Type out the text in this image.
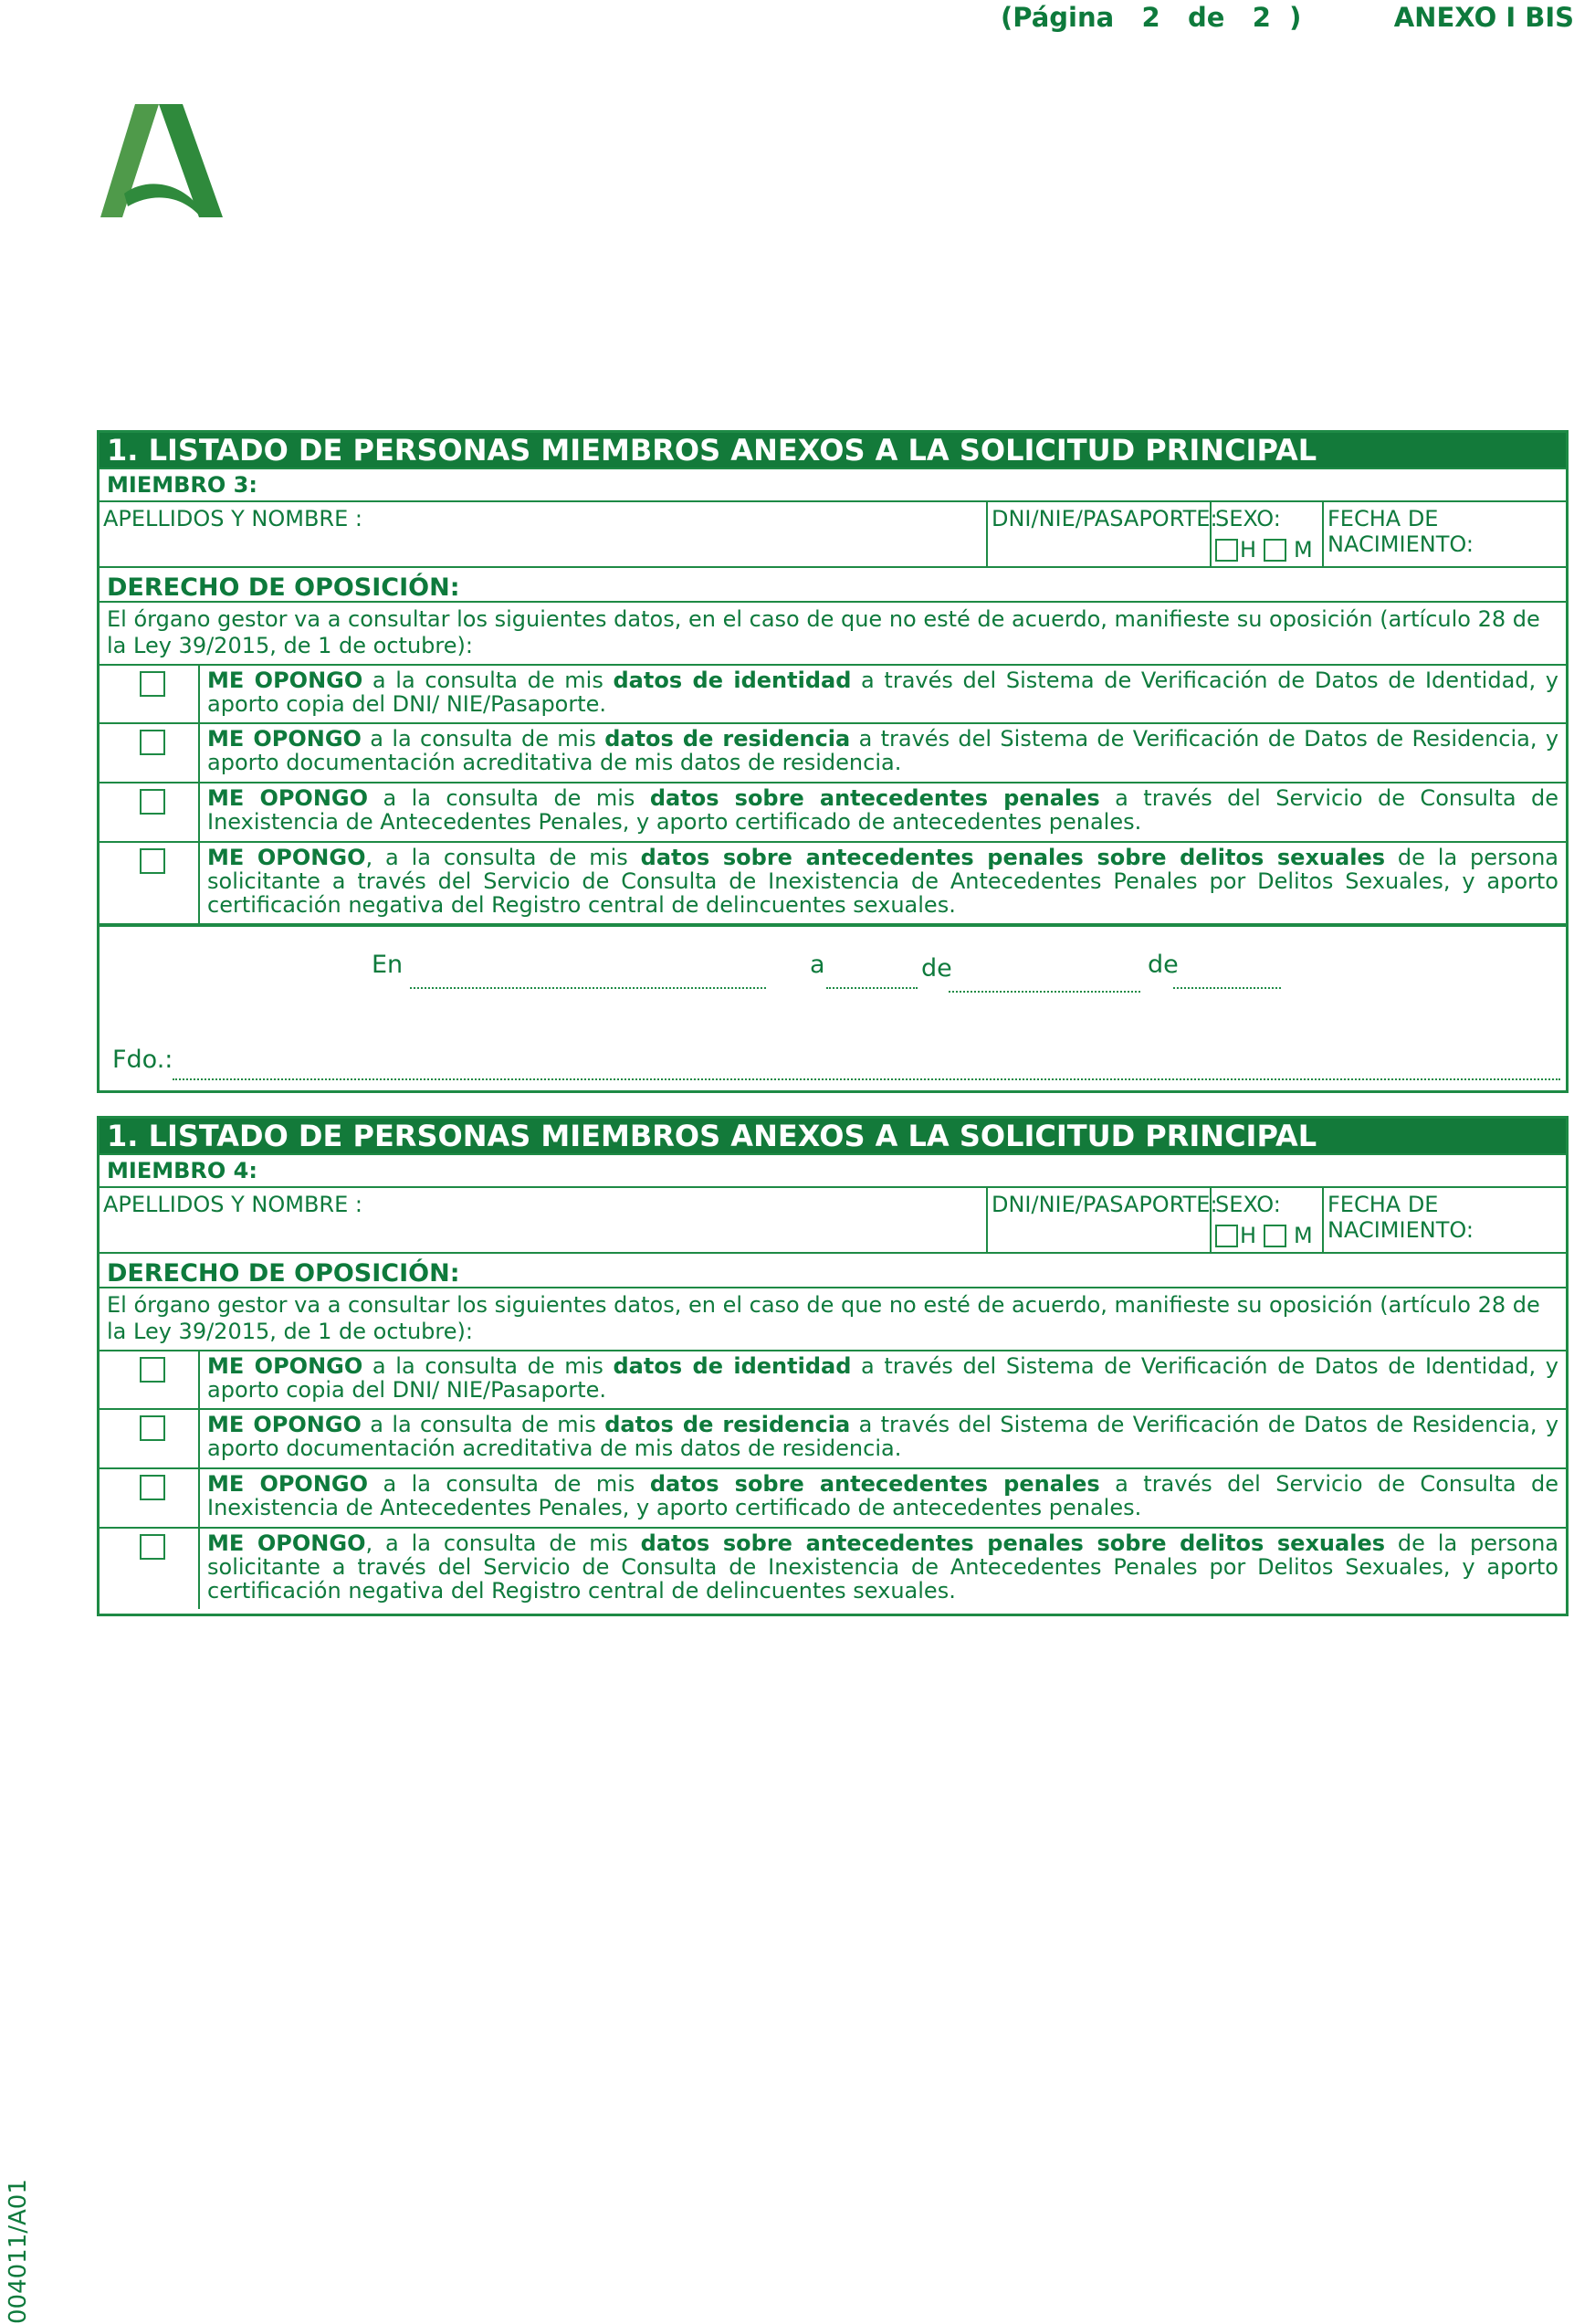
(Página 2 de 2 )	ANEXO I BIS
1. LISTADO DE PERSONAS MIEMBROS ANEXOS A LA SOLICITUD PRINCIPAL
MIEMBRO 3:
APELLIDOS Y NOMBRE :	DNI/NIE/PASAPORTE:
SEXO:
H M
FECHA DE NACIMIENTO:
DERECHO DE OPOSICIÓN:
El órgano gestor va a consultar los siguientes datos, en el caso de que no esté de acuerdo, manifieste su oposición (artículo 28 de la Ley 39/2015, de 1 de octubre):
ME OPONGO a la consulta de mis datos de identidad a través del Sistema de Verificación de Datos de Identidad, y aporto copia del DNI/ NIE/Pasaporte.
ME OPONGO a la consulta de mis datos de residencia a través del Sistema de Verificación de Datos de Residencia, y aporto documentación acreditativa de mis datos de residencia.
ME OPONGO a la consulta de mis datos sobre antecedentes penales a través del Servicio de Consulta de Inexistencia de Antecedentes Penales, y aporto certificado de antecedentes penales.
ME OPONGO, a la consulta de mis datos sobre antecedentes penales sobre delitos sexuales de la persona solicitante a través del Servicio de Consulta de Inexistencia de Antecedentes Penales por Delitos Sexuales, y aporto certificación negativa del Registro central de delincuentes sexuales.
En	a	de	de
Fdo.:
1. LISTADO DE PERSONAS MIEMBROS ANEXOS A LA SOLICITUD PRINCIPAL
MIEMBRO 4:
APELLIDOS Y NOMBRE :	DNI/NIE/PASAPORTE:
SEXO:
H M
FECHA DE NACIMIENTO:
DERECHO DE OPOSICIÓN:
El órgano gestor va a consultar los siguientes datos, en el caso de que no esté de acuerdo, manifieste su oposición (artículo 28 de la Ley 39/2015, de 1 de octubre):
ME OPONGO a la consulta de mis datos de identidad a través del Sistema de Verificación de Datos de Identidad, y aporto copia del DNI/ NIE/Pasaporte.
ME OPONGO a la consulta de mis datos de residencia a través del Sistema de Verificación de Datos de Residencia, y aporto documentación acreditativa de mis datos de residencia.
ME OPONGO a la consulta de mis datos sobre antecedentes penales a través del Servicio de Consulta de Inexistencia de Antecedentes Penales, y aporto certificado de antecedentes penales.
ME OPONGO, a la consulta de mis datos sobre antecedentes penales sobre delitos sexuales de la persona solicitante a través del Servicio de Consulta de Inexistencia de Antecedentes Penales por Delitos Sexuales, y aporto certificación negativa del Registro central de delincuentes sexuales.
004011/A01
